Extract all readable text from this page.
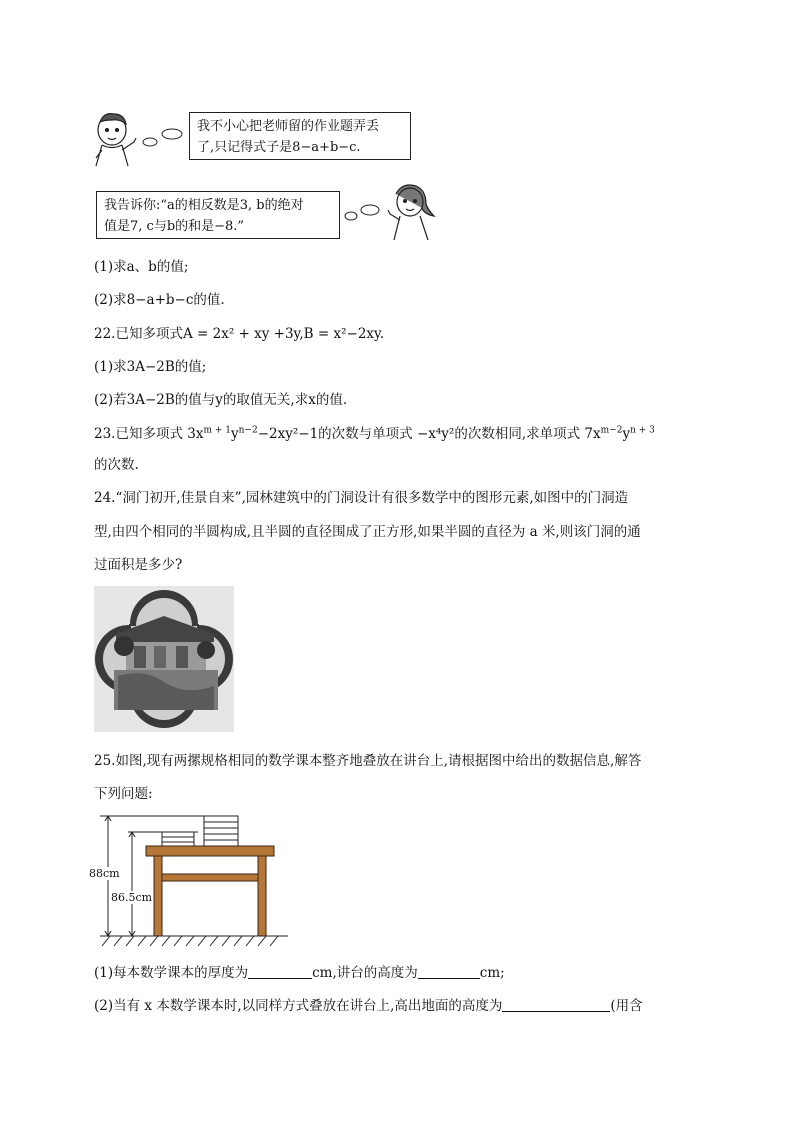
我不小心把老师留的作业题弄丢
了,只记得式子是8−a+b−c.
我告诉你:“a的相反数是3, b的绝对
值是7, c与b的和是−8.”
(1)求a、b的值;
(2)求8−a+b−c的值.
22.已知多项式A = 2x² + xy +3y,B = x²−2xy.
(1)求3A−2B的值;
(2)若3A−2B的值与y的取值无关,求x的值.
23.已知多项式 $3x^{m + 1}y^{n-2}-2xy^2-1$的次数与单项式 −x⁴y²的次数相同,求单项式 $7x^{m-2}y^{n + 3}$
的次数.
24.“洞门初开,佳景自来”,园林建筑中的门洞设计有很多数学中的图形元素,如图中的门洞造
型,由四个相同的半圆构成,且半圆的直径围成了正方形,如果半圆的直径为 a 米,则该门洞的通
过面积是多少?
25.如图,现有两摞规格相同的数学课本整齐地叠放在讲台上,请根据图中给出的数据信息,解答
下列问题:
88cm
86.5cm
(1)每本数学课本的厚度为	cm,讲台的高度为	cm;
(2)当有 x 本数学课本时,以同样方式叠放在讲台上,高出地面的高度为	(用含
